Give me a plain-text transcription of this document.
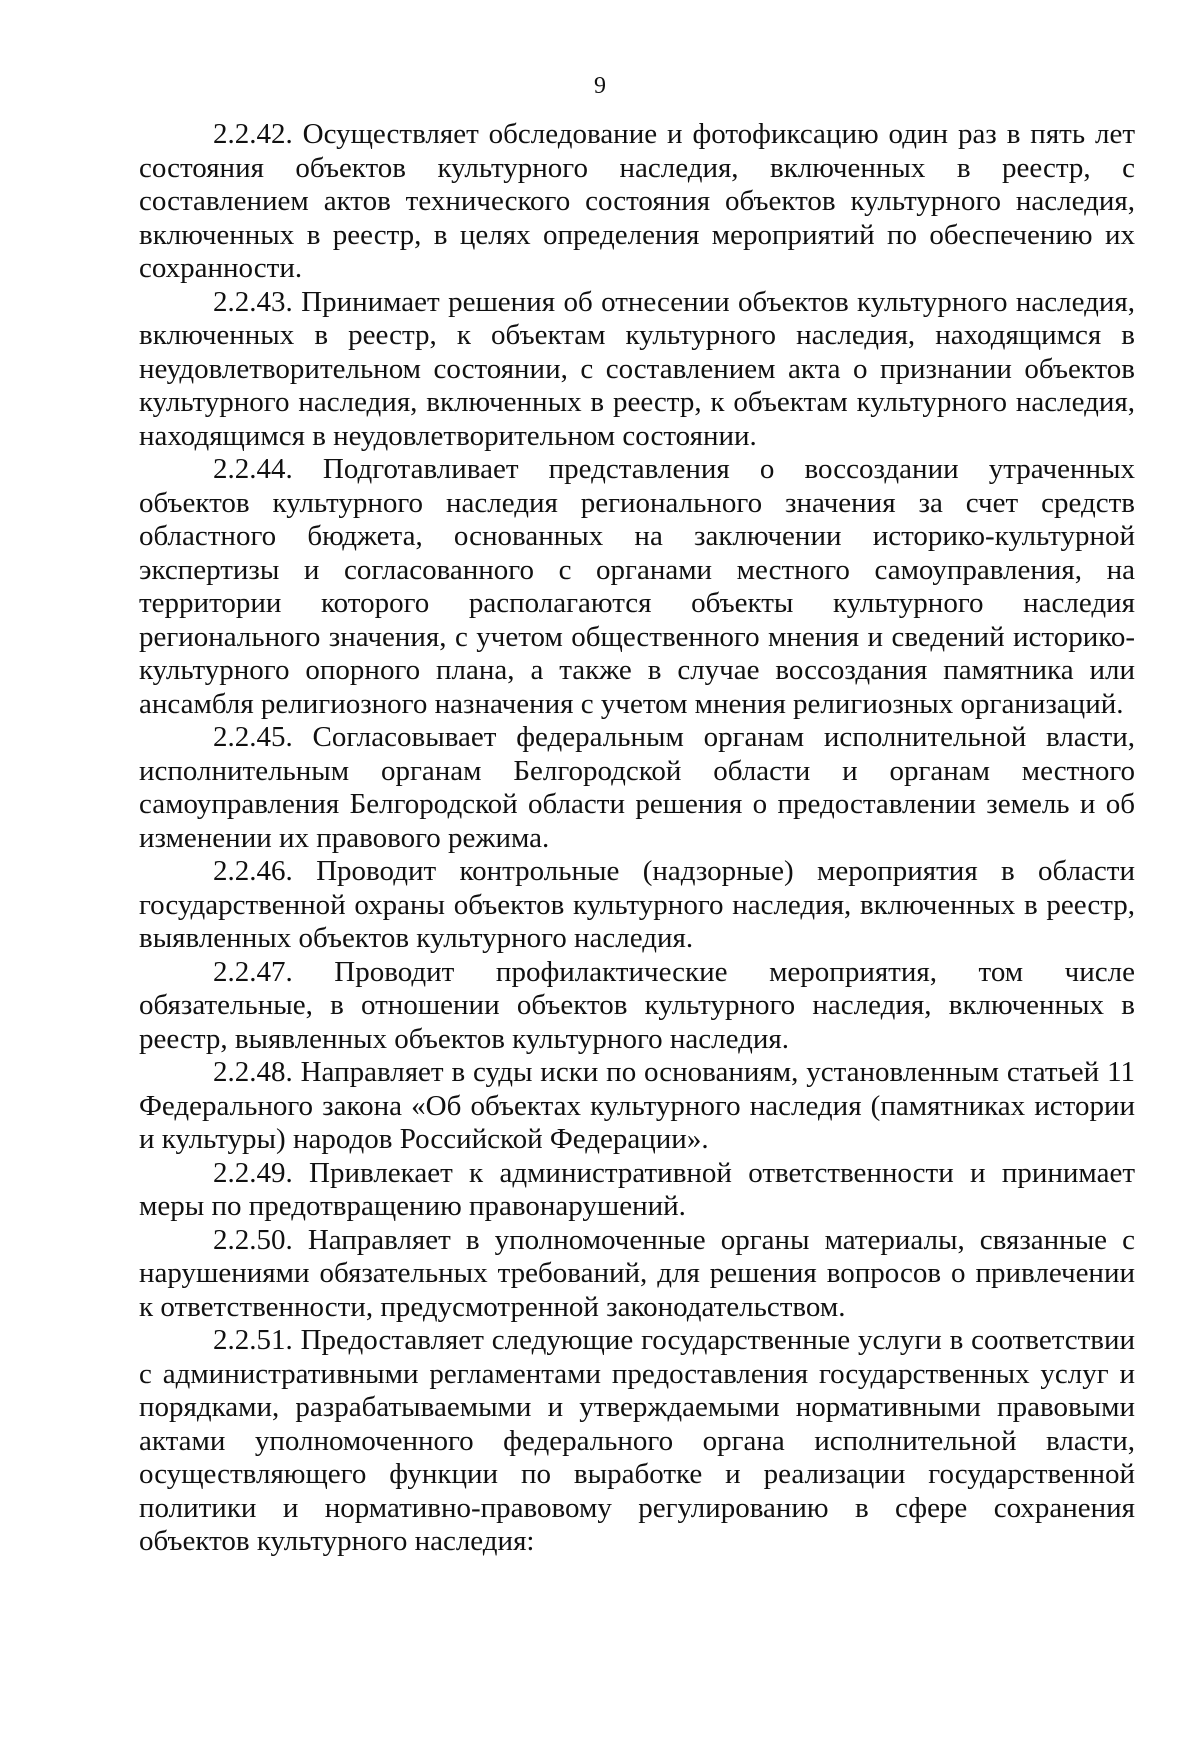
9

2.2.42. Осуществляет обследование и фотофиксацию один раз в пять лет состояния объектов культурного наследия, включенных в реестр, с составлением актов технического состояния объектов культурного наследия, включенных в реестр, в целях определения мероприятий по обеспечению их сохранности.

2.2.43. Принимает решения об отнесении объектов культурного наследия, включенных в реестр, к объектам культурного наследия, находящимся в неудовлетворительном состоянии, с составлением акта о признании объектов культурного наследия, включенных в реестр, к объектам культурного наследия, находящимся в неудовлетворительном состоянии.

2.2.44. Подготавливает представления о воссоздании утраченных объектов культурного наследия регионального значения за счет средств областного бюджета, основанных на заключении историко-культурной экспертизы и согласованного с органами местного самоуправления, на территории которого располагаются объекты культурного наследия регионального значения, с учетом общественного мнения и сведений историко-культурного опорного плана, а также в случае воссоздания памятника или ансамбля религиозного назначения с учетом мнения религиозных организаций.

2.2.45. Согласовывает федеральным органам исполнительной власти, исполнительным органам Белгородской области и органам местного самоуправления Белгородской области решения о предоставлении земель и об изменении их правового режима.

2.2.46. Проводит контрольные (надзорные) мероприятия в области государственной охраны объектов культурного наследия, включенных в реестр, выявленных объектов культурного наследия.

2.2.47. Проводит профилактические мероприятия, том числе обязательные, в отношении объектов культурного наследия, включенных в реестр, выявленных объектов культурного наследия.

2.2.48. Направляет в суды иски по основаниям, установленным статьей 11 Федерального закона «Об объектах культурного наследия (памятниках истории и культуры) народов Российской Федерации».

2.2.49. Привлекает к административной ответственности и принимает меры по предотвращению правонарушений.

2.2.50. Направляет в уполномоченные органы материалы, связанные с нарушениями обязательных требований, для решения вопросов о привлечении к ответственности, предусмотренной законодательством.

2.2.51. Предоставляет следующие государственные услуги в соответствии с административными регламентами предоставления государственных услуг и порядками, разрабатываемыми и утверждаемыми нормативными правовыми актами уполномоченного федерального органа исполнительной власти, осуществляющего функции по выработке и реализации государственной политики и нормативно-правовому регулированию в сфере сохранения объектов культурного наследия:
